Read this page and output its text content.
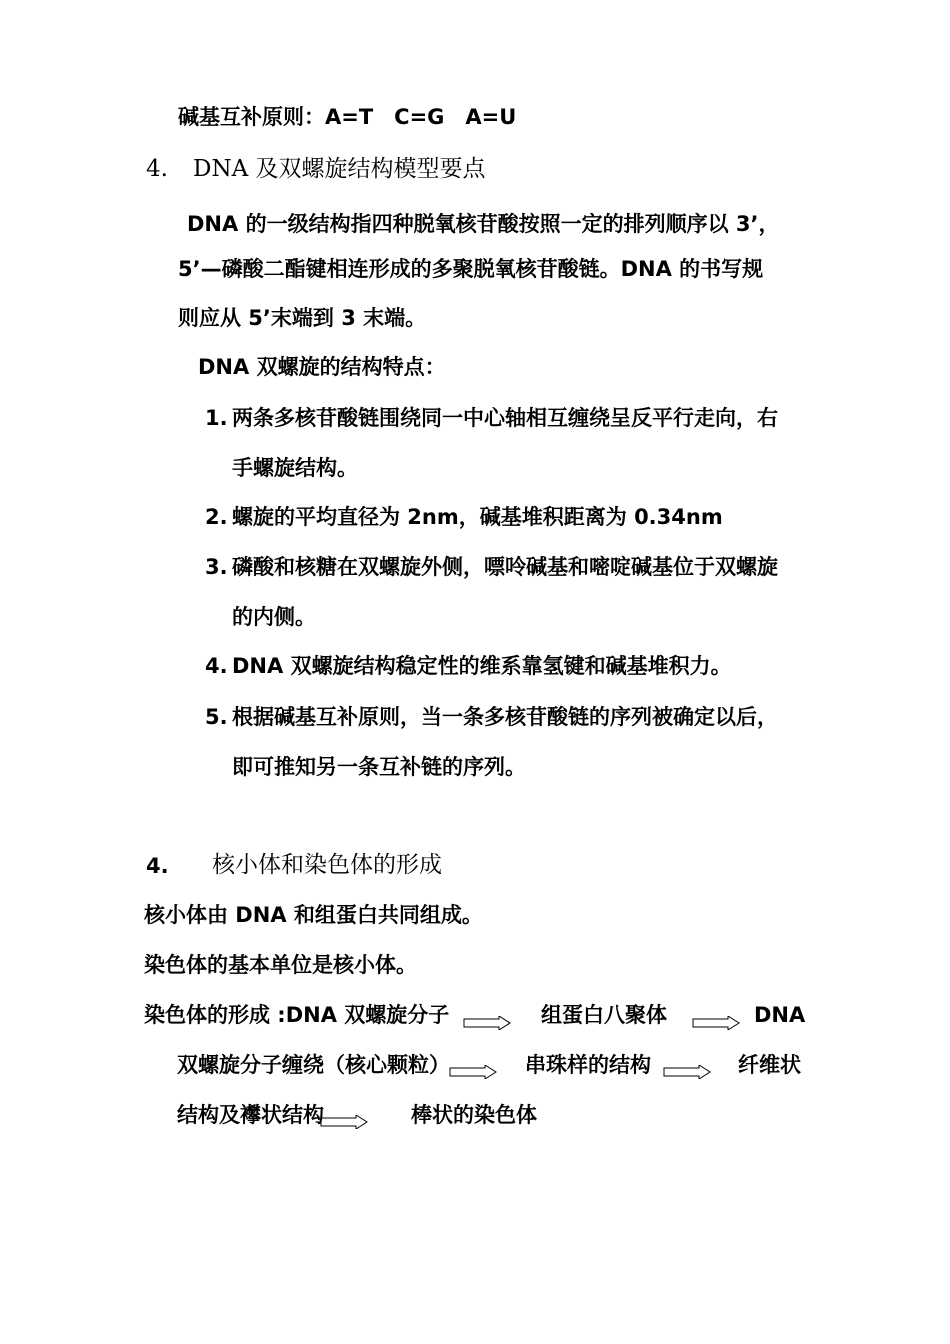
碱基互补原则：A=T　C=G　A=U
4. DNA 及双螺旋结构模型要点
DNA 的一级结构指四种脱氧核苷酸按照一定的排列顺序以 3’，
5’—磷酸二酯键相连形成的多聚脱氧核苷酸链。DNA 的书写规
则应从 5’末端到 3 末端。
DNA 双螺旋的结构特点：
1. 两条多核苷酸链围绕同一中心轴相互缠绕呈反平行走向，右
手螺旋结构。
2. 螺旋的平均直径为 2nm，碱基堆积距离为 0.34nm
3. 磷酸和核糖在双螺旋外侧，嘌呤碱基和嘧啶碱基位于双螺旋
的内侧。
4. DNA 双螺旋结构稳定性的维系靠氢键和碱基堆积力。
5. 根据碱基互补原则，当一条多核苷酸链的序列被确定以后，
即可推知另一条互补链的序列。
4. 核小体和染色体的形成
核小体由 DNA 和组蛋白共同组成。
染色体的基本单位是核小体。
染色体的形成 :DNA 双螺旋分子	组蛋白八聚体	DNA
双螺旋分子缠绕（核心颗粒）	串珠样的结构	纤维状
结构及襻状结构	棒状的染色体
